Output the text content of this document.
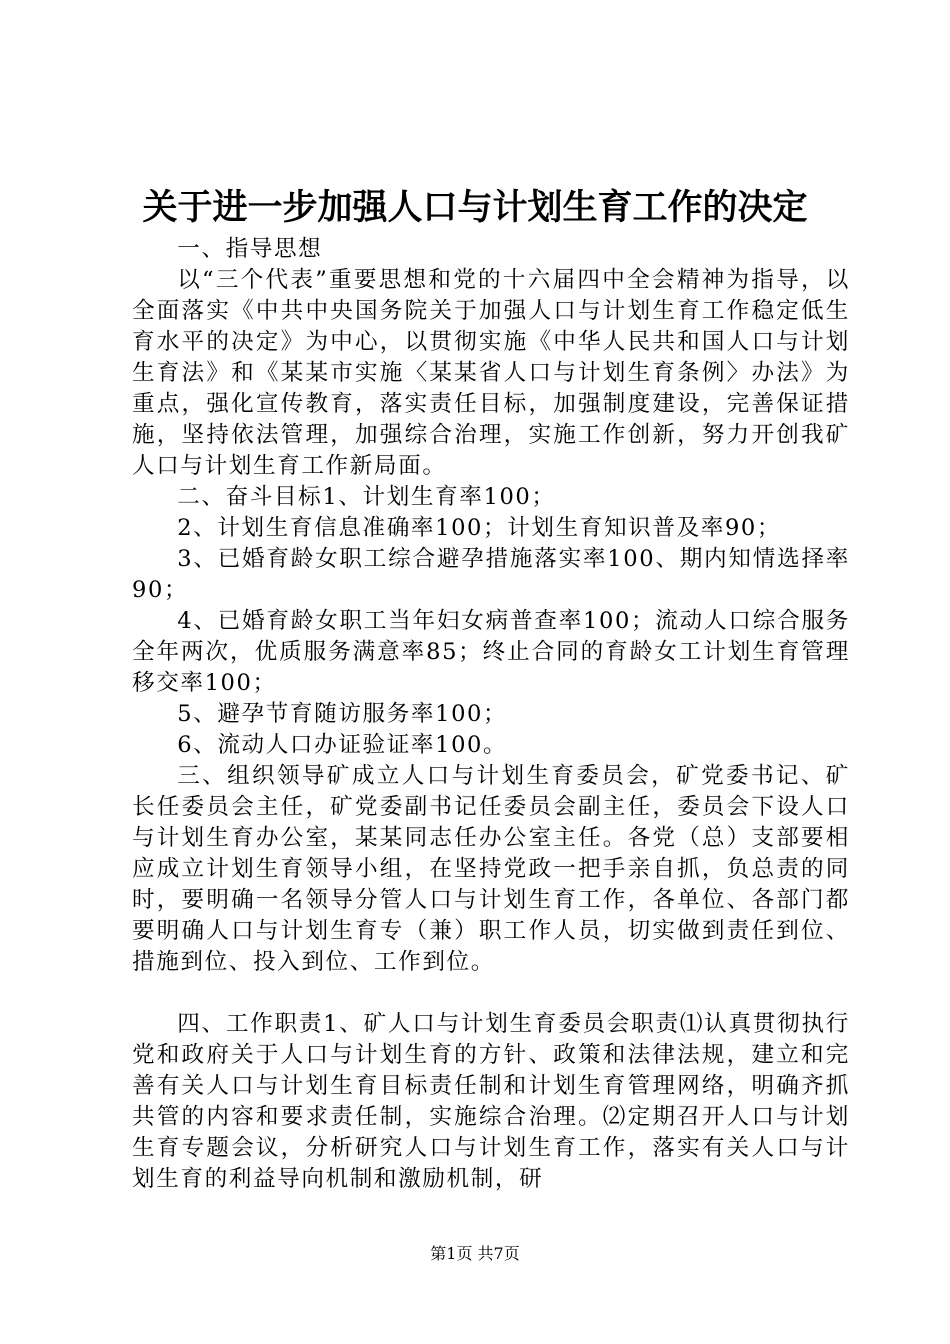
关于进一步加强人口与计划生育工作的决定

一、指导思想

以“三个代表”重要思想和党的十六届四中全会精神为指导，以全面落实《中共中央国务院关于加强人口与计划生育工作稳定低生育水平的决定》为中心，以贯彻实施《中华人民共和国人口与计划生育法》和《某某市实施〈某某省人口与计划生育条例〉办法》为重点，强化宣传教育，落实责任目标，加强制度建设，完善保证措施，坚持依法管理，加强综合治理，实施工作创新，努力开创我矿人口与计划生育工作新局面。

二、奋斗目标1、计划生育率100；

2、计划生育信息准确率100；计划生育知识普及率90；

3、已婚育龄女职工综合避孕措施落实率100、期内知情选择率90；

4、已婚育龄女职工当年妇女病普查率100；流动人口综合服务全年两次，优质服务满意率85；终止合同的育龄女工计划生育管理移交率100；

5、避孕节育随访服务率100；

6、流动人口办证验证率100。

三、组织领导矿成立人口与计划生育委员会，矿党委书记、矿长任委员会主任，矿党委副书记任委员会副主任，委员会下设人口与计划生育办公室，某某同志任办公室主任。各党（总）支部要相应成立计划生育领导小组，在坚持党政一把手亲自抓，负总责的同时，要明确一名领导分管人口与计划生育工作，各单位、各部门都要明确人口与计划生育专（兼）职工作人员，切实做到责任到位、措施到位、投入到位、工作到位。

四、工作职责1、矿人口与计划生育委员会职责⑴认真贯彻执行党和政府关于人口与计划生育的方针、政策和法律法规，建立和完善有关人口与计划生育目标责任制和计划生育管理网络，明确齐抓共管的内容和要求责任制，实施综合治理。⑵定期召开人口与计划生育专题会议，分析研究人口与计划生育工作，落实有关人口与计划生育的利益导向机制和激励机制，研

第1页 共7页
